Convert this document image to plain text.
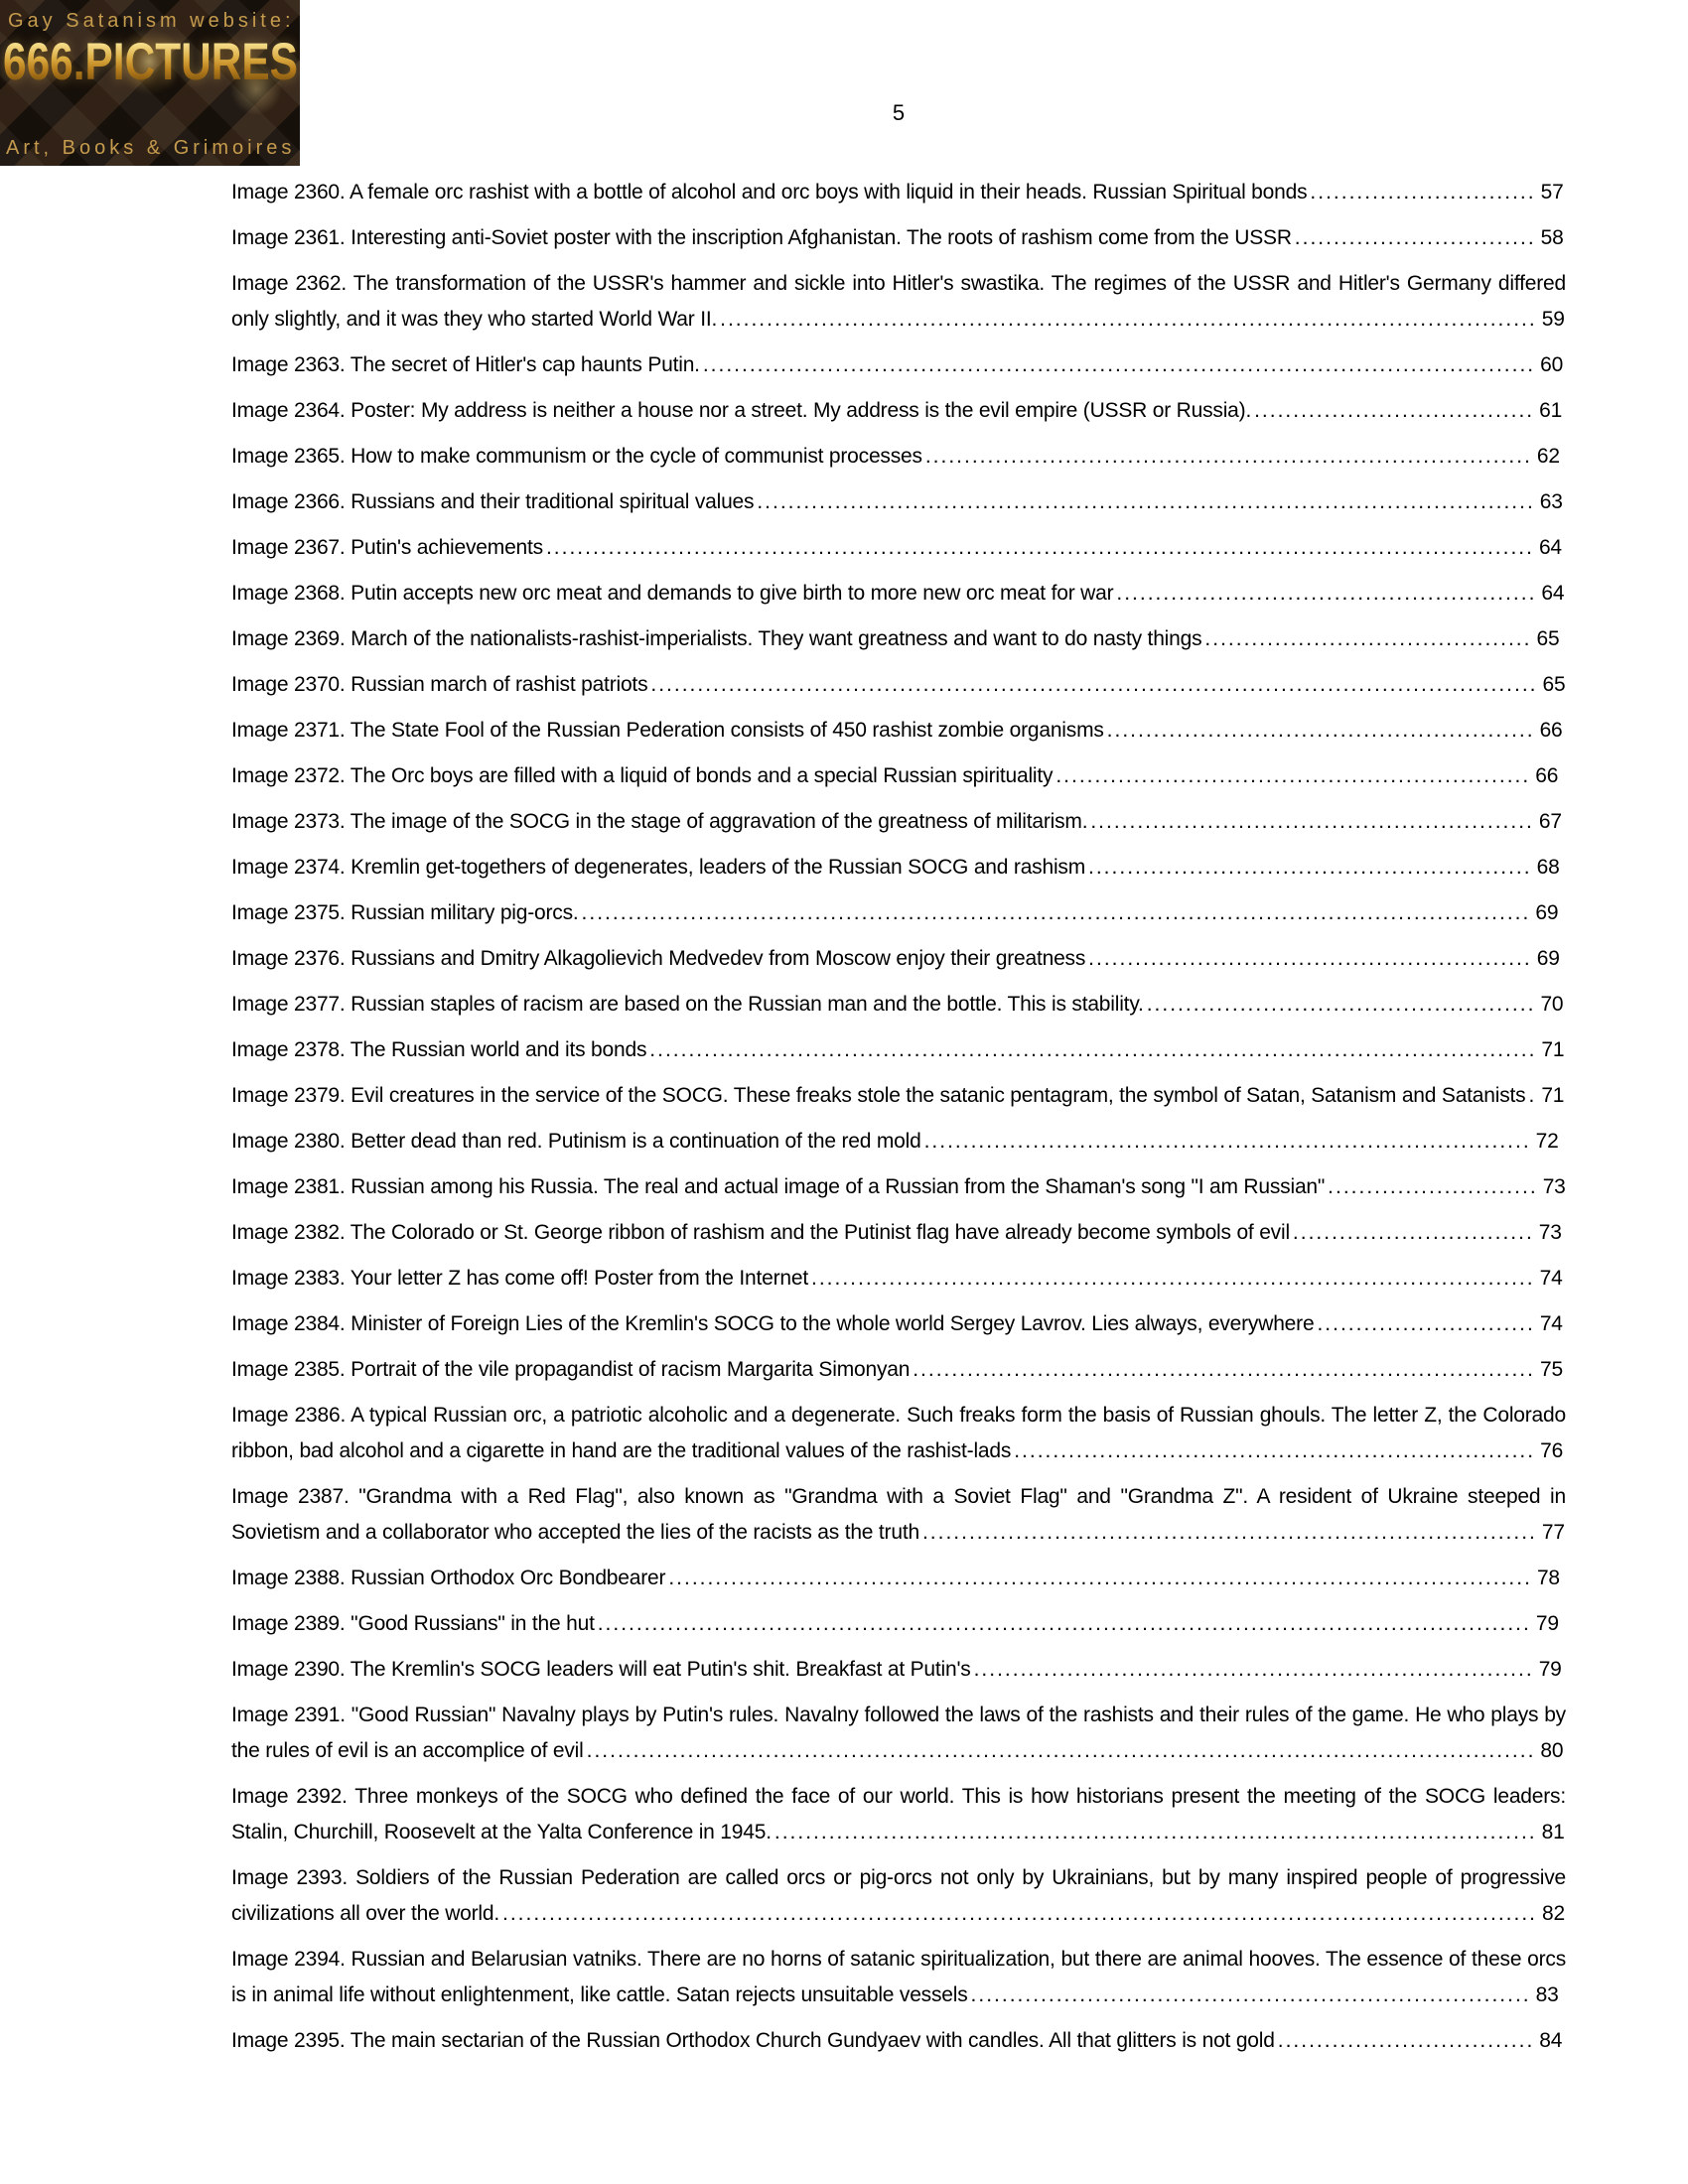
Gay Satanism website:
666.PICTURES
Art, Books & Grimoires
5
Image 2360. A female orc rashist with a bottle of alcohol and orc boys with liquid in their heads. Russian Spiritual bonds ............................. 57
Image 2361. Interesting anti-Soviet poster with the inscription Afghanistan. The roots of rashism come from the USSR ............................... 58
Image 2362. The transformation of the USSR's hammer and sickle into Hitler's swastika. The regimes of the USSR and Hitler's Germany differed only slightly, and it was they who started World War II. ......................................................................................................... 59
Image 2363. The secret of Hitler's cap haunts Putin. ........................................................................................................... 60
Image 2364. Poster: My address is neither a house nor a street. My address is the evil empire (USSR or Russia). .................................... 61
Image 2365. How to make communism or the cycle of communist processes .............................................................................. 62
Image 2366. Russians and their traditional spiritual values .................................................................................................... 63
Image 2367. Putin's achievements ............................................................................................................................... 64
Image 2368. Putin accepts new orc meat and demands to give birth to more new orc meat for war ...................................................... 64
Image 2369. March of the nationalists-rashist-imperialists. They want greatness and want to do nasty things .......................................... 65
Image 2370. Russian march of rashist patriots .................................................................................................................. 65
Image 2371. The State Fool of the Russian Pederation consists of 450 rashist zombie organisms ....................................................... 66
Image 2372. The Orc boys are filled with a liquid of bonds and a special Russian spirituality ............................................................. 66
Image 2373. The image of the SOCG in the stage of aggravation of the greatness of militarism. ......................................................... 67
Image 2374. Kremlin get-togethers of degenerates, leaders of the Russian SOCG and rashism ......................................................... 68
Image 2375. Russian military pig-orcs. .......................................................................................................................... 69
Image 2376. Russians and Dmitry Alkagolievich Medvedev from Moscow enjoy their greatness ......................................................... 69
Image 2377. Russian staples of racism are based on the Russian man and the bottle. This is stability. .................................................. 70
Image 2378. The Russian world and its bonds .................................................................................................................. 71
Image 2379. Evil creatures in the service of the SOCG. These freaks stole the satanic pentagram, the symbol of Satan, Satanism and Satanists . 71
Image 2380. Better dead than red. Putinism is a continuation of the red mold .............................................................................. 72
Image 2381. Russian among his Russia. The real and actual image of a Russian from the Shaman's song "I am Russian" ........................... 73
Image 2382. The Colorado or St. George ribbon of rashism and the Putinist flag have already become symbols of evil ............................... 73
Image 2383. Your letter Z has come off! Poster from the Internet ............................................................................................. 74
Image 2384. Minister of Foreign Lies of the Kremlin's SOCG to the whole world Sergey Lavrov. Lies always, everywhere ............................ 74
Image 2385. Portrait of the vile propagandist of racism Margarita Simonyan ................................................................................ 75
Image 2386. A typical Russian orc, a patriotic alcoholic and a degenerate. Such freaks form the basis of Russian ghouls. The letter Z, the Colorado ribbon, bad alcohol and a cigarette in hand are the traditional values of the rashist-lads ................................................................... 76
Image 2387. "Grandma with a Red Flag", also known as "Grandma with a Soviet Flag" and "Grandma Z". A resident of Ukraine steeped in Sovietism and a collaborator who accepted the lies of the racists as the truth ............................................................................... 77
Image 2388. Russian Orthodox Orc Bondbearer ............................................................................................................... 78
Image 2389. "Good Russians" in the hut ........................................................................................................................ 79
Image 2390. The Kremlin's SOCG leaders will eat Putin's shit. Breakfast at Putin's ........................................................................ 79
Image 2391. "Good Russian" Navalny plays by Putin's rules. Navalny followed the laws of the rashists and their rules of the game. He who plays by the rules of evil is an accomplice of evil .......................................................................................................................... 80
Image 2392. Three monkeys of the SOCG who defined the face of our world. This is how historians present the meeting of the SOCG leaders: Stalin, Churchill, Roosevelt at the Yalta Conference in 1945. .................................................................................................. 81
Image 2393. Soldiers of the Russian Pederation are called orcs or pig-orcs not only by Ukrainians, but by many inspired people of progressive civilizations all over the world. ..................................................................................................................................... 82
Image 2394. Russian and Belarusian vatniks. There are no horns of satanic spiritualization, but there are animal hooves. The essence of these orcs is in animal life without enlightenment, like cattle. Satan rejects unsuitable vessels ........................................................................ 83
Image 2395. The main sectarian of the Russian Orthodox Church Gundyaev with candles. All that glitters is not gold ................................. 84
